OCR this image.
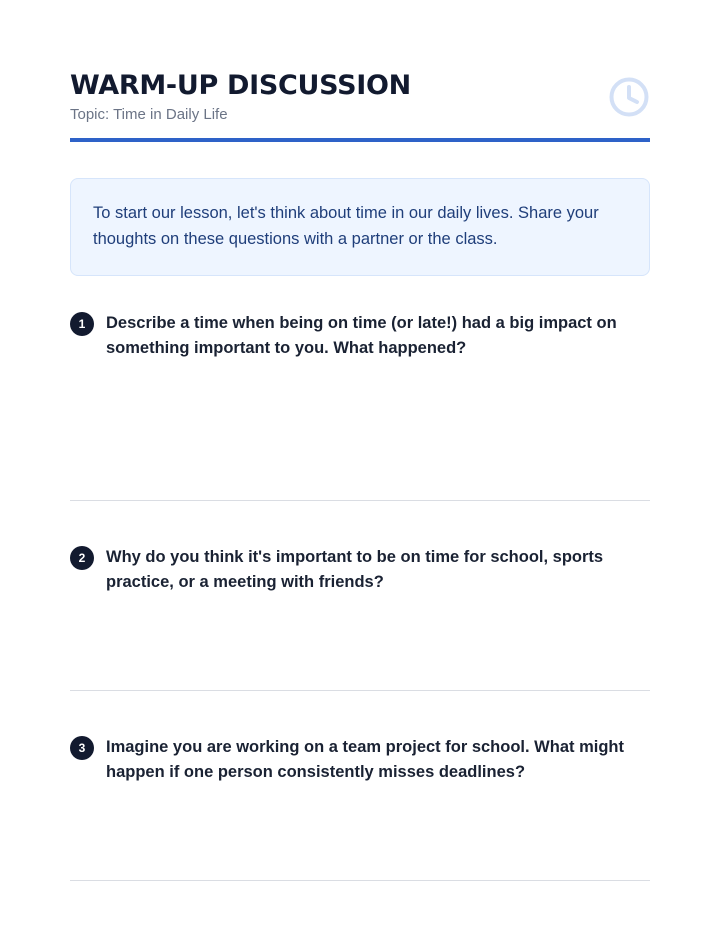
WARM-UP DISCUSSION
Topic: Time in Daily Life
To start our lesson, let's think about time in our daily lives. Share your thoughts on these questions with a partner or the class.
1	Describe a time when being on time (or late!) had a big impact on something important to you. What happened?
2	Why do you think it's important to be on time for school, sports practice, or a meeting with friends?
3	Imagine you are working on a team project for school. What might happen if one person consistently misses deadlines?
